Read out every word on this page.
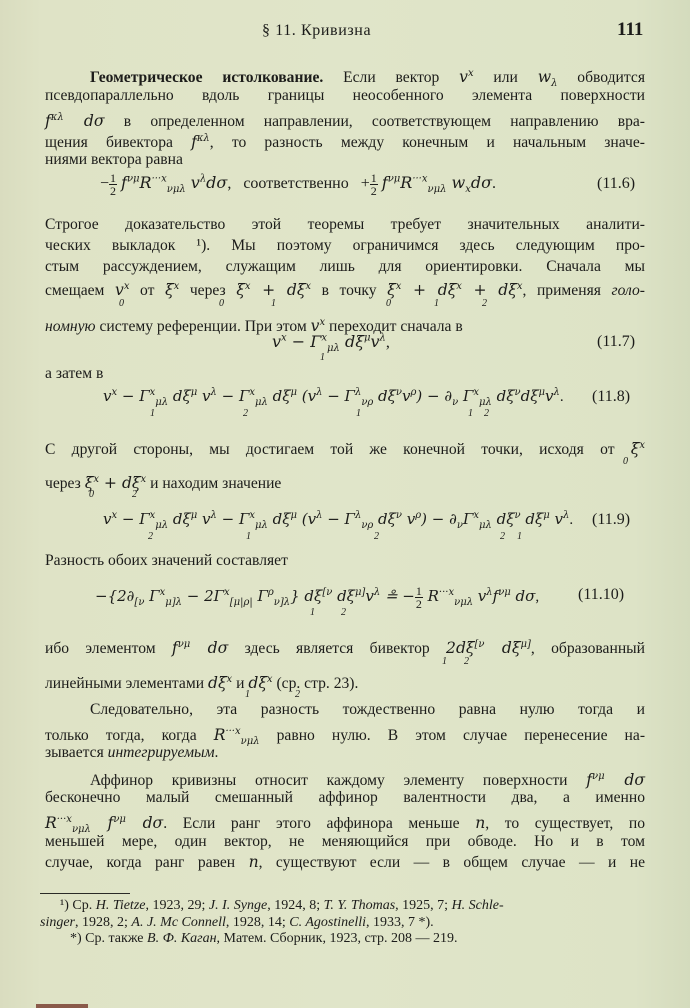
§ 11. Кривизна	111
Геометрическое истолкование. Если вектор $v^x$ или $w_\lambda$ обводится
псевдопараллельно вдоль границы неособенного элемента поверхности
$f^{\kappa\lambda}$ dσ в определенном направлении, соответствующем направлению вра-
щения бивектора $f^{\kappa\lambda}$, то разность между конечным и начальным значе-
ниями вектора равна
− $\frac{1}{2} f^{\nu\mu}R^{\cdot\cdot\cdot x}_{\nu\mu\lambda}$ $v^\lambda d\sigma$,   соответственно + $\frac{1}{2} f^{\nu\mu}R^{\cdot\cdot\cdot x}_{\nu\mu\lambda}$ $w_xd\sigma$.	(11.6)
Строгое доказательство этой теоремы требует значительных аналити-
ческих выкладок ¹). Мы поэтому ограничимся здесь следующим про-
стым рассуждением, служащим лишь для ориентировки. Сначала мы
смещаем $v^x$ от $\xi^x$ через $\xi^x + d\xi^x$ в точку $\xi^x + d\xi^x + d\xi^x$, применяя голо-
0	0	1	0	1	2
номную систему референции. При этом $v^x$ переходит сначала в
$v^x - \Gamma^x_{\mu\lambda}$ $d\xi^\mu v^\lambda$,
1
(11.7)
а затем в
$v^x - \Gamma^x_{\mu\lambda}$ $d\xi^\mu$ $v^\lambda - \Gamma^x_{\mu\lambda}$ $d\xi^\mu$ ($v^\lambda - \Gamma^\lambda_{\nu\rho}$ $d\xi^\nu v^\rho) - \partial_\nu$ $\Gamma^x_{\mu\lambda}$ $d\xi^\nu d\xi^\mu v^\lambda$.
1	2	1	1 2
(11.8)
С другой стороны, мы достигаем той же конечной точки, исходя от $\xi^x$
0
через $\xi^x + d\xi^x$ и находим значение
0	2
$v^x - \Gamma^x_{\mu\lambda}$ $d\xi^\mu$ $v^\lambda - \Gamma^x_{\mu\lambda}$ $d\xi^\mu$ ($v^\lambda - \Gamma^\lambda_{\nu\rho}$ $d\xi^\nu$ $v^\rho) - \partial_\nu\Gamma^x_{\mu\lambda}$ $d\xi^\nu$ $d\xi^\mu$ $v^\lambda$.
2	1	2	2 1
(11.9)
Разность обоих значений составляет
$-\{2\partial_{[\nu}$ $\Gamma^x_{\mu]\lambda} - 2\Gamma^x_{[\mu|\rho|}$ $\Gamma^\rho_{\nu]\lambda}$} $d\xi^{[\nu}$ $d\xi^{\mu]}v^\lambda$ ≗ − $\frac{1}{2} R^{\cdot\cdot\cdot x}_{\nu\mu\lambda}$ $v^\lambda f^{\nu\mu}$ dσ,
1	2
(11.10)
ибо элементом $f^{\nu\mu}$ dσ здесь является бивектор $2d\xi^{[\nu}$ $d\xi^{\mu]}$, образованный
1 2
линейными элементами $d\xi^x$ и $d\xi^x$ (ср. стр. 23).
1	2
Следовательно, эта разность тождественно равна нулю тогда и
только тогда, когда $R^{\cdot\cdot\cdot x}_{\nu\mu\lambda}$ равно нулю. В этом случае перенесение на-
зывается интегрируемым.
Аффинор кривизны относит каждому элементу поверхности $f^{\nu\mu}$ dσ
бесконечно малый смешанный аффинор валентности два, а именно
$R^{\cdot\cdot\cdot x}_{\nu\mu\lambda}$ $f^{\nu\mu}$ dσ. Если ранг этого аффинора меньше n, то существует, по
меньшей мере, один вектор, не меняющийся при обводе. Но и в том
случае, когда ранг равен n, существуют если — в общем случае — и не
¹) Ср. H. Tietze, 1923, 29; J. I. Synge, 1924, 8; T. Y. Thomas, 1925, 7; H. Schle-
singer, 1928, 2; A. J. Mc Connell, 1928, 14; C. Agostinelli, 1933, 7 *).
*) Ср. также В. Ф. Каган, Матем. Сборник, 1923, стр. 208 — 219.
